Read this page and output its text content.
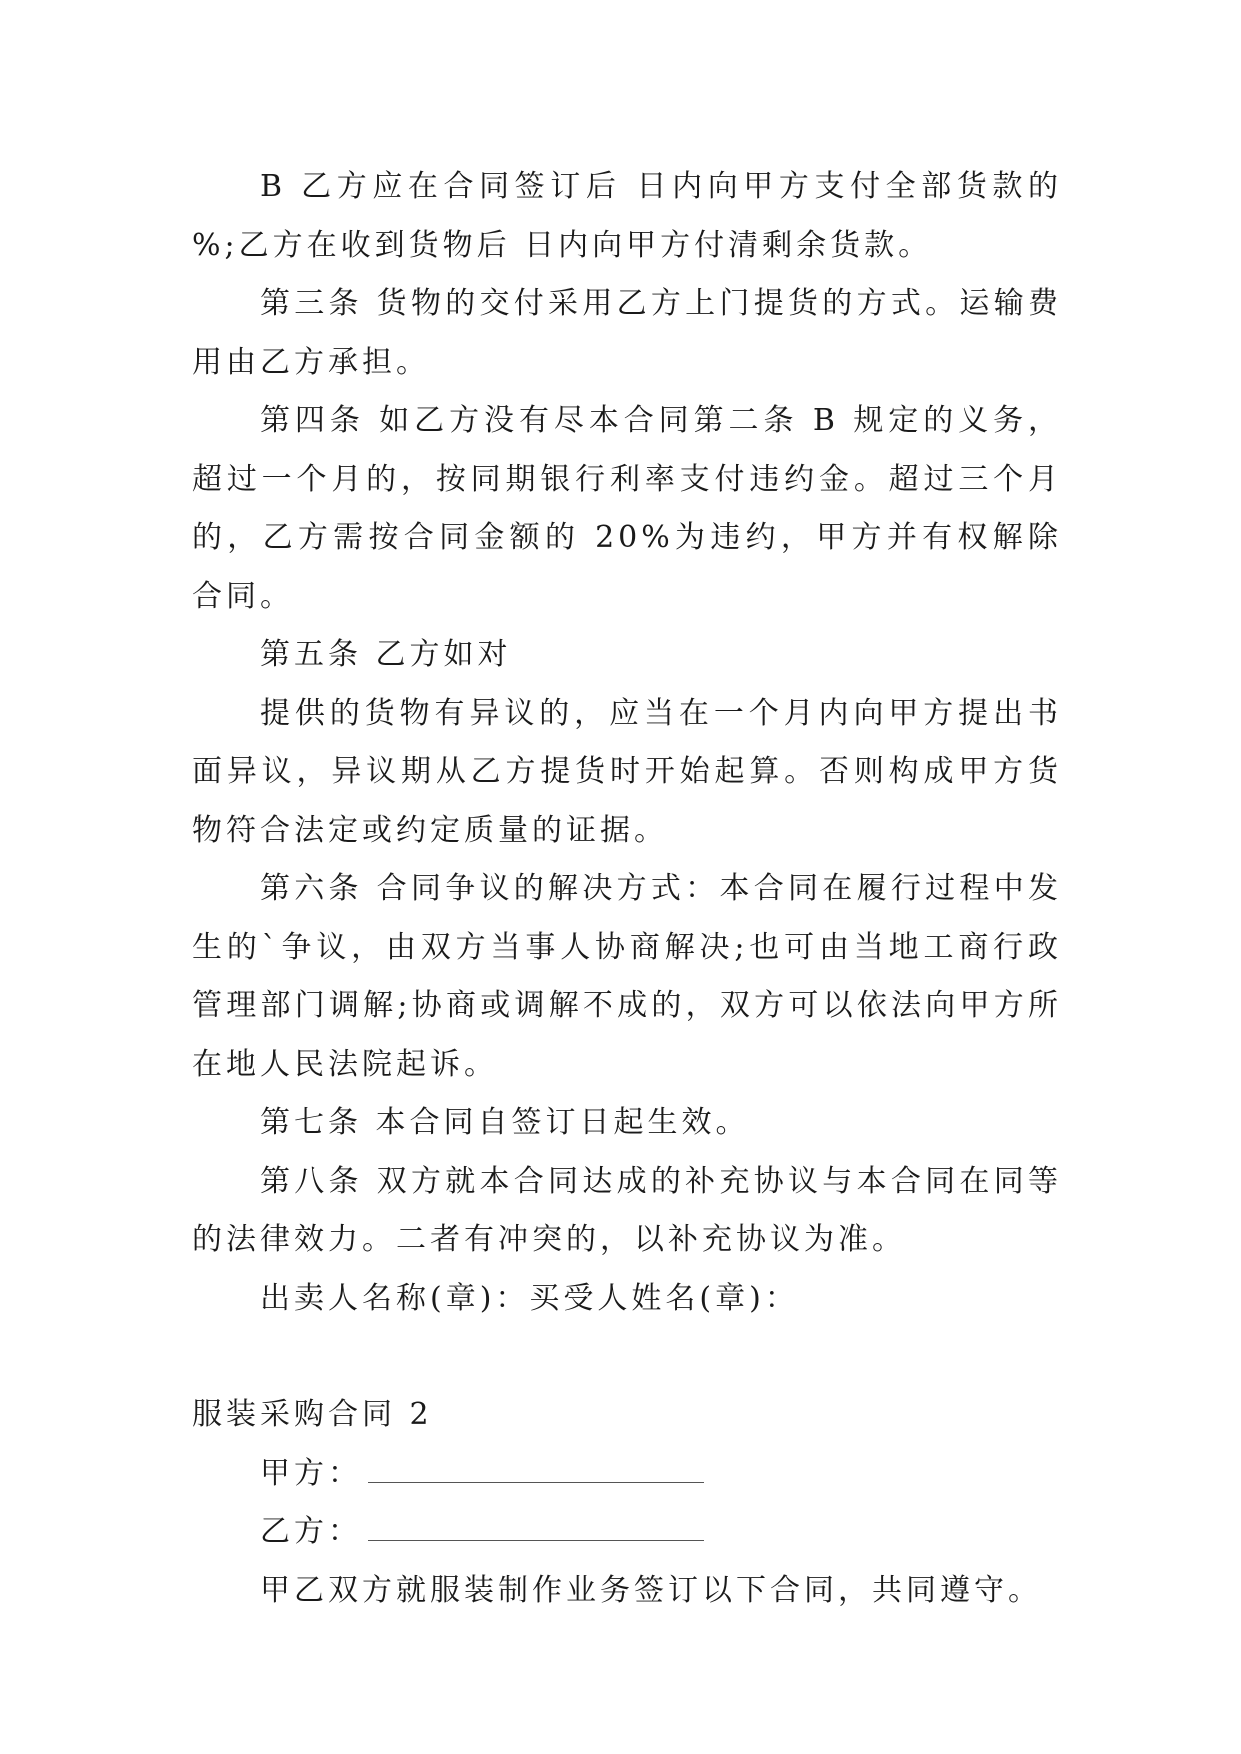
B 乙方应在合同签订后 日内向甲方支付全部货款的 %;乙方在收到货物后 日内向甲方付清剩余货款。

第三条 货物的交付采用乙方上门提货的方式。运输费用由乙方承担。

第四条 如乙方没有尽本合同第二条 B 规定的义务，超过一个月的，按同期银行利率支付违约金。超过三个月的，乙方需按合同金额的 20%为违约，甲方并有权解除合同。

第五条 乙方如对

提供的货物有异议的，应当在一个月内向甲方提出书面异议，异议期从乙方提货时开始起算。否则构成甲方货物符合法定或约定质量的证据。

第六条 合同争议的解决方式：本合同在履行过程中发生的`争议，由双方当事人协商解决;也可由当地工商行政管理部门调解;协商或调解不成的，双方可以依法向甲方所在地人民法院起诉。

第七条 本合同自签订日起生效。

第八条 双方就本合同达成的补充协议与本合同在同等的法律效力。二者有冲突的，以补充协议为准。

出卖人名称(章)：买受人姓名(章)：

服装采购合同 2

甲方：

乙方：

甲乙双方就服装制作业务签订以下合同，共同遵守。
